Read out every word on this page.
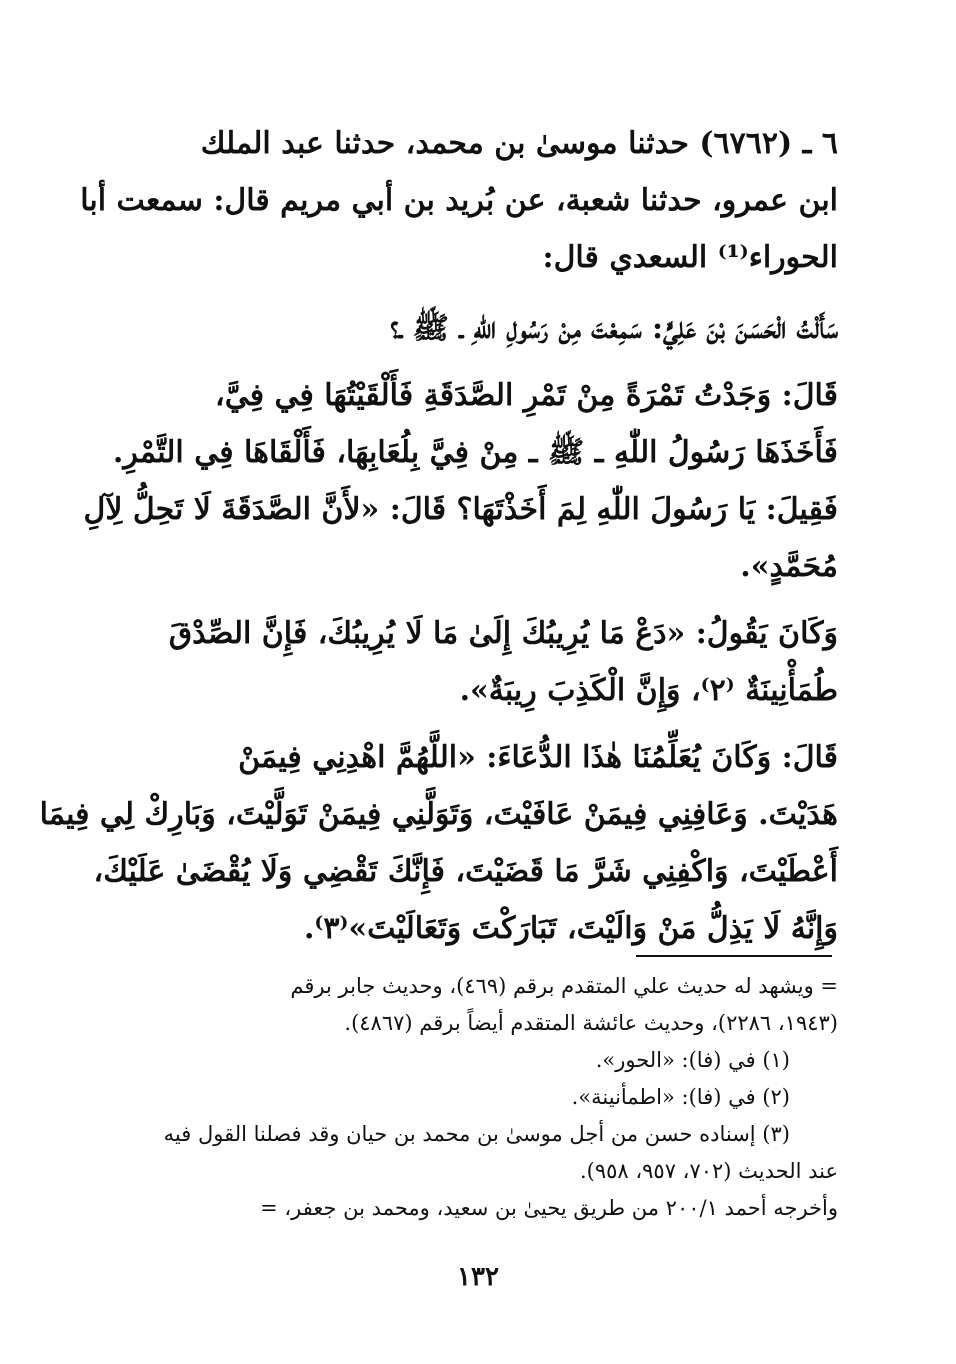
٦ ـ (٦٧٦٢) حدثنا موسىٰ بن محمد، حدثنا عبد الملك
ابن عمرو، حدثنا شعبة، عن بُريد بن أبي مريم قال: سمعت أبا
الحوراء⁽¹⁾ السعدي قال:
سَأَلْتُ الْحَسَنَ بْنَ عَلِيٍّ: سَمِعْتَ مِنْ رَسُولِ اللّٰهِ ـ ﷺ ـ؟
قَالَ: وَجَدْتُ تَمْرَةً مِنْ تَمْرِ الصَّدَقَةِ فَأَلْقَيْتُهَا فِي فِيَّ،
فَأَخَذَهَا رَسُولُ اللّٰهِ ـ ﷺ ـ مِنْ فِيَّ بِلُعَابِهَا، فَأَلْقَاهَا فِي التَّمْرِ.
فَقِيلَ: يَا رَسُولَ اللّٰهِ لِمَ أَخَذْتَهَا؟ قَالَ: «لأَنَّ الصَّدَقَةَ لَا تَحِلُّ لِآلِ
مُحَمَّدٍ».
وَكَانَ يَقُولُ: «دَعْ مَا يُرِيبُكَ إِلَىٰ مَا لَا يُرِيبُكَ، فَإِنَّ الصِّدْقَ
طُمَأْنِينَةٌ ⁽٢⁾، وَإِنَّ الْكَذِبَ رِيبَةٌ».
قَالَ: وَكَانَ يُعَلِّمُنَا هٰذَا الدُّعَاءَ: «اللَّهُمَّ اهْدِنِي فِيمَنْ
هَدَيْتَ. وَعَافِنِي فِيمَنْ عَافَيْتَ، وَتَوَلَّنِي فِيمَنْ تَوَلَّيْتَ، وَبَارِكْ لِي فِيمَا
أَعْطَيْتَ، وَاكْفِنِي شَرَّ مَا قَضَيْتَ، فَإِنَّكَ تَقْضِي وَلَا يُقْضَىٰ عَلَيْكَ،
وَإِنَّهُ لَا يَذِلُّ مَنْ وَالَيْتَ، تَبَارَكْتَ وَتَعَالَيْتَ»⁽٣⁾.
= ويشهد له حديث علي المتقدم برقم (٤٦٩)، وحديث جابر برقم
(١٩٤٣، ٢٢٨٦)، وحديث عائشة المتقدم أيضاً برقم (٤٨٦٧).
(١) في (فا): «الحور».
(٢) في (فا): «اطمأنينة».
(٣) إسناده حسن من أجل موسىٰ بن محمد بن حيان وقد فصلنا القول فيه
عند الحديث (٧٠٢، ٩٥٧، ٩٥٨).
وأخرجه أحمد ٢٠٠/١ من طريق يحيىٰ بن سعيد، ومحمد بن جعفر، =
١٣٢
